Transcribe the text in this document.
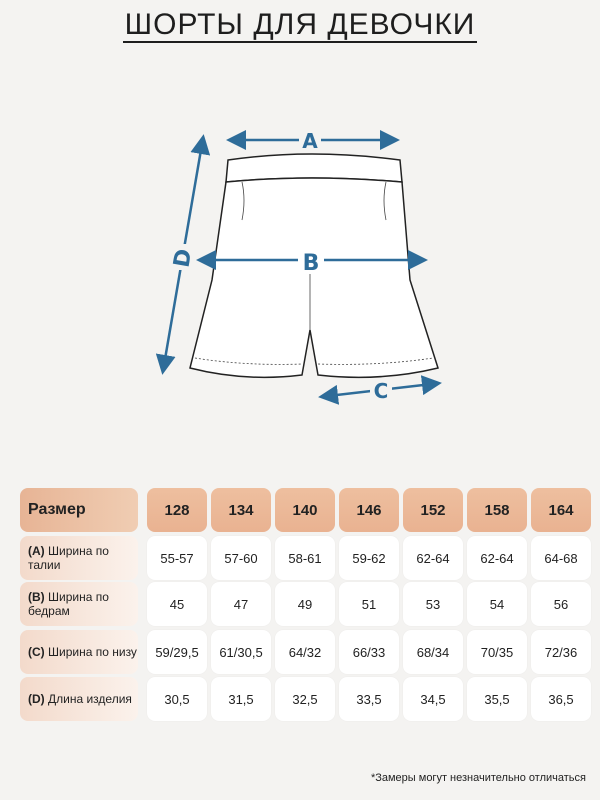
ШОРТЫ ДЛЯ ДЕВОЧКИ
A
B
C
D
Размер	128	134	140	146	152	158	164
(A) Ширина по талии	55-57	57-60	58-61	59-62	62-64	62-64	64-68
(B) Ширина по бедрам	45	47	49	51	53	54	56
(C) Ширина по низу	59/29,5	61/30,5	64/32	66/33	68/34	70/35	72/36
(D) Длина изделия	30,5	31,5	32,5	33,5	34,5	35,5	36,5
*Замеры могут незначительно отличаться
